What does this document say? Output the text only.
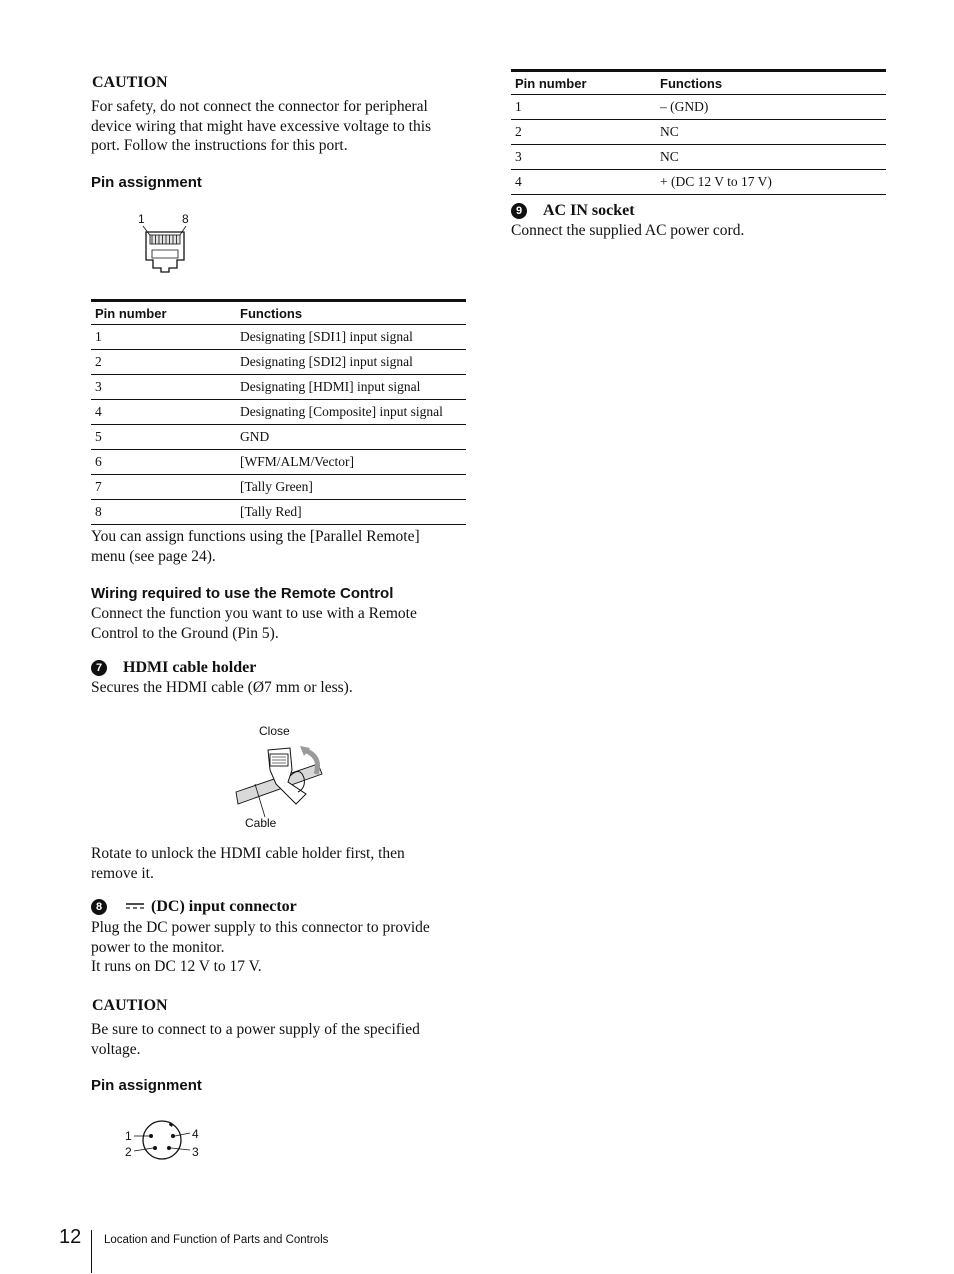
CAUTION
For safety, do not connect the connector for peripheral
device wiring that might have excessive voltage to this
port. Follow the instructions for this port.
Pin assignment
1	8
Pin number	Functions
1	Designating [SDI1] input signal
2	Designating [SDI2] input signal
3	Designating [HDMI] input signal
4	Designating [Composite] input signal
5	GND
6	[WFM/ALM/Vector]
7	[Tally Green]
8	[Tally Red]
You can assign functions using the [Parallel Remote]
menu (see page 24).
Wiring required to use the Remote Control
Connect the function you want to use with a Remote
Control to the Ground (Pin 5).
7 HDMI cable holder
Secures the HDMI cable (Ø7 mm or less).
Close
Cable
Rotate to unlock the HDMI cable holder first, then
remove it.
8	(DC) input connector
Plug the DC power supply to this connector to provide
power to the monitor.
It runs on DC 12 V to 17 V.
CAUTION
Be sure to connect to a power supply of the specified
voltage.
Pin assignment
1
2	3
4
Pin number	Functions
1	– (GND)
2	NC
3	NC
4	+ (DC 12 V to 17 V)
9 AC IN socket
Connect the supplied AC power cord.
12 Location and Function of Parts and Controls
